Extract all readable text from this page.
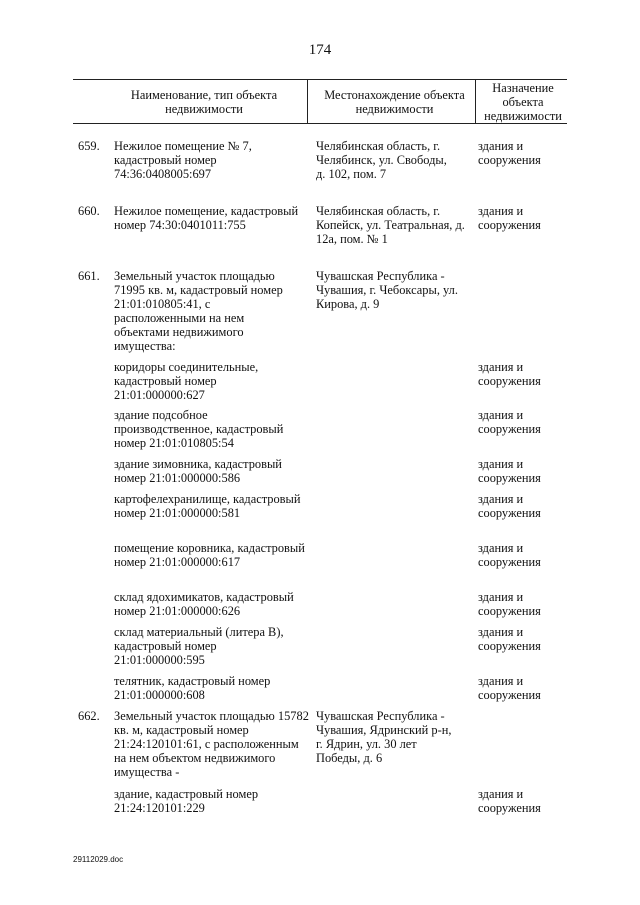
174
Наименование, тип объекта недвижимости
Местонахождение объекта недвижимости
Назначение объекта недвижимости
659. Нежилое помещение № 7, кадастровый номер 74:36:0408005:697
Челябинская область, г. Челябинск, ул. Свободы, д. 102, пом. 7
здания и сооружения
660. Нежилое помещение, кадастровый номер 74:30:0401011:755
Челябинская область, г. Копейск, ул. Театральная, д. 12а, пом. № 1
здания и сооружения
661. Земельный участок площадью 71995 кв. м, кадастровый номер 21:01:010805:41, с расположенными на нем объектами недвижимого имущества:
Чувашская Республика - Чувашия, г. Чебоксары, ул. Кирова, д. 9
коридоры соединительные, кадастровый номер 21:01:000000:627
здания и сооружения
здание подсобное производственное, кадастровый номер 21:01:010805:54
здания и сооружения
здание зимовника, кадастровый номер 21:01:000000:586
здания и сооружения
картофелехранилище, кадастровый номер 21:01:000000:581
здания и сооружения
помещение коровника, кадастровый номер 21:01:000000:617
здания и сооружения
склад ядохимикатов, кадастровый номер 21:01:000000:626
здания и сооружения
склад материальный (литера В), кадастровый номер 21:01:000000:595
здания и сооружения
телятник, кадастровый номер 21:01:000000:608
здания и сооружения
662. Земельный участок площадью 15782 кв. м, кадастровый номер 21:24:120101:61, с расположенным на нем объектом недвижимого имущества -
Чувашская Республика - Чувашия, Ядринский р-н, г. Ядрин, ул. 30 лет Победы, д. 6
здание, кадастровый номер 21:24:120101:229
здания и сооружения
29112029.doc
